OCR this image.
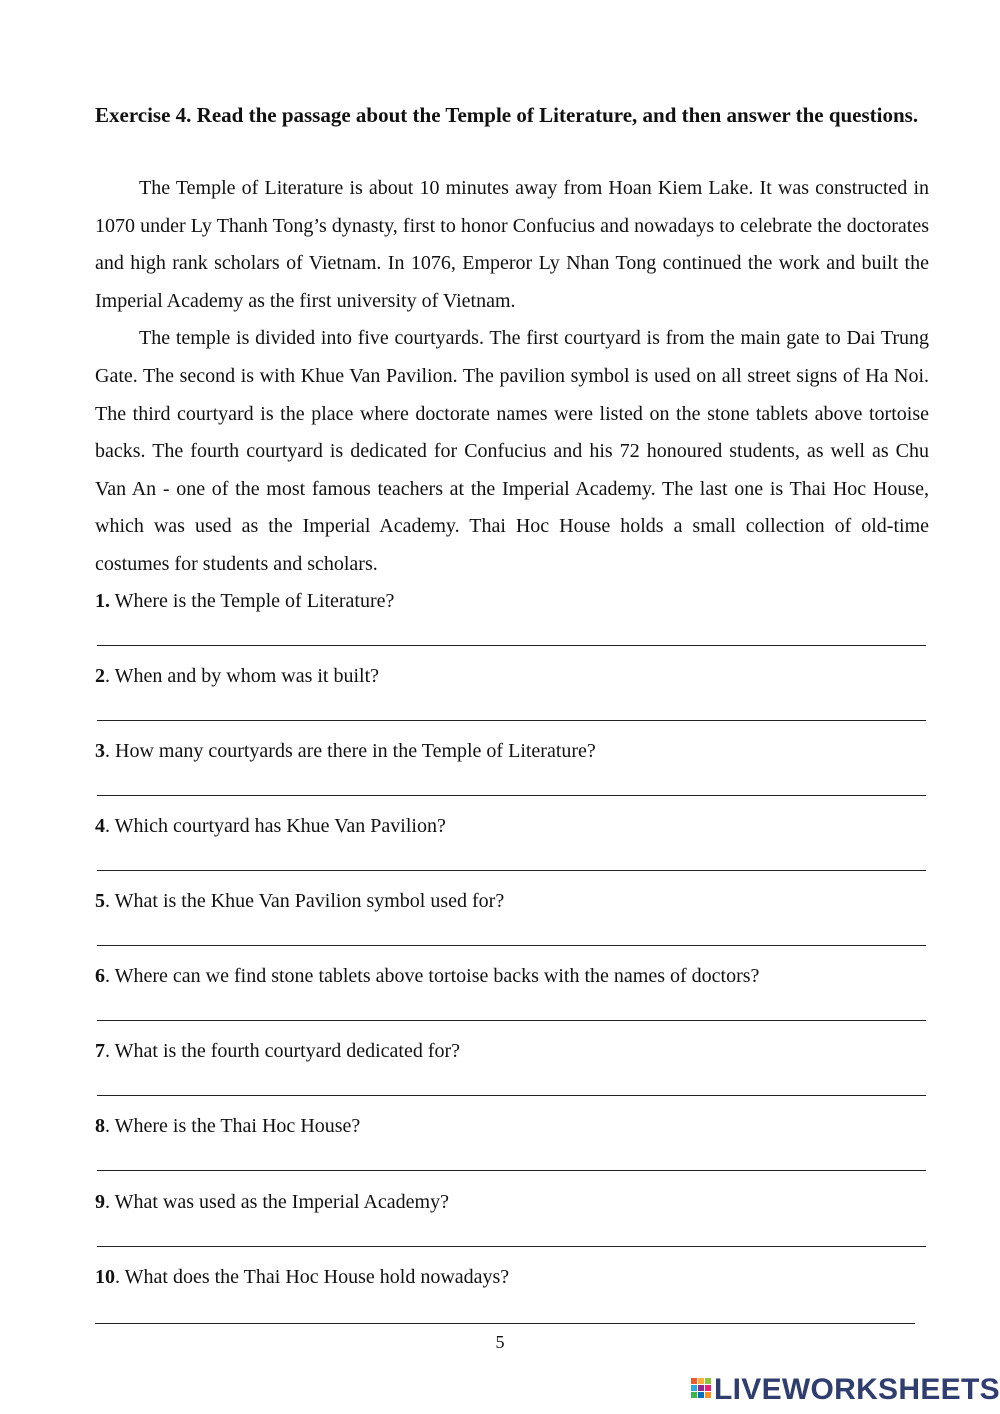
Exercise 4. Read the passage about the Temple of Literature, and then answer the questions.

The Temple of Literature is about 10 minutes away from Hoan Kiem Lake. It was constructed in 1070 under Ly Thanh Tong’s dynasty, first to honor Confucius and nowadays to celebrate the doctorates and high rank scholars of Vietnam. In 1076, Emperor Ly Nhan Tong continued the work and built the Imperial Academy as the first university of Vietnam.

The temple is divided into five courtyards. The first courtyard is from the main gate to Dai Trung Gate. The second is with Khue Van Pavilion. The pavilion symbol is used on all street signs of Ha Noi. The third courtyard is the place where doctorate names were listed on the stone tablets above tortoise backs. The fourth courtyard is dedicated for Confucius and his 72 honoured students, as well as Chu Van An - one of the most famous teachers at the Imperial Academy. The last one is Thai Hoc House, which was used as the Imperial Academy. Thai Hoc House holds a small collection of old-time costumes for students and scholars.

1. Where is the Temple of Literature?
2. When and by whom was it built?
3. How many courtyards are there in the Temple of Literature?
4. Which courtyard has Khue Van Pavilion?
5. What is the Khue Van Pavilion symbol used for?
6. Where can we find stone tablets above tortoise backs with the names of doctors?
7. What is the fourth courtyard dedicated for?
8. Where is the Thai Hoc House?
9. What was used as the Imperial Academy?
10. What does the Thai Hoc House hold nowadays?
5
LIVEWORKSHEETS
